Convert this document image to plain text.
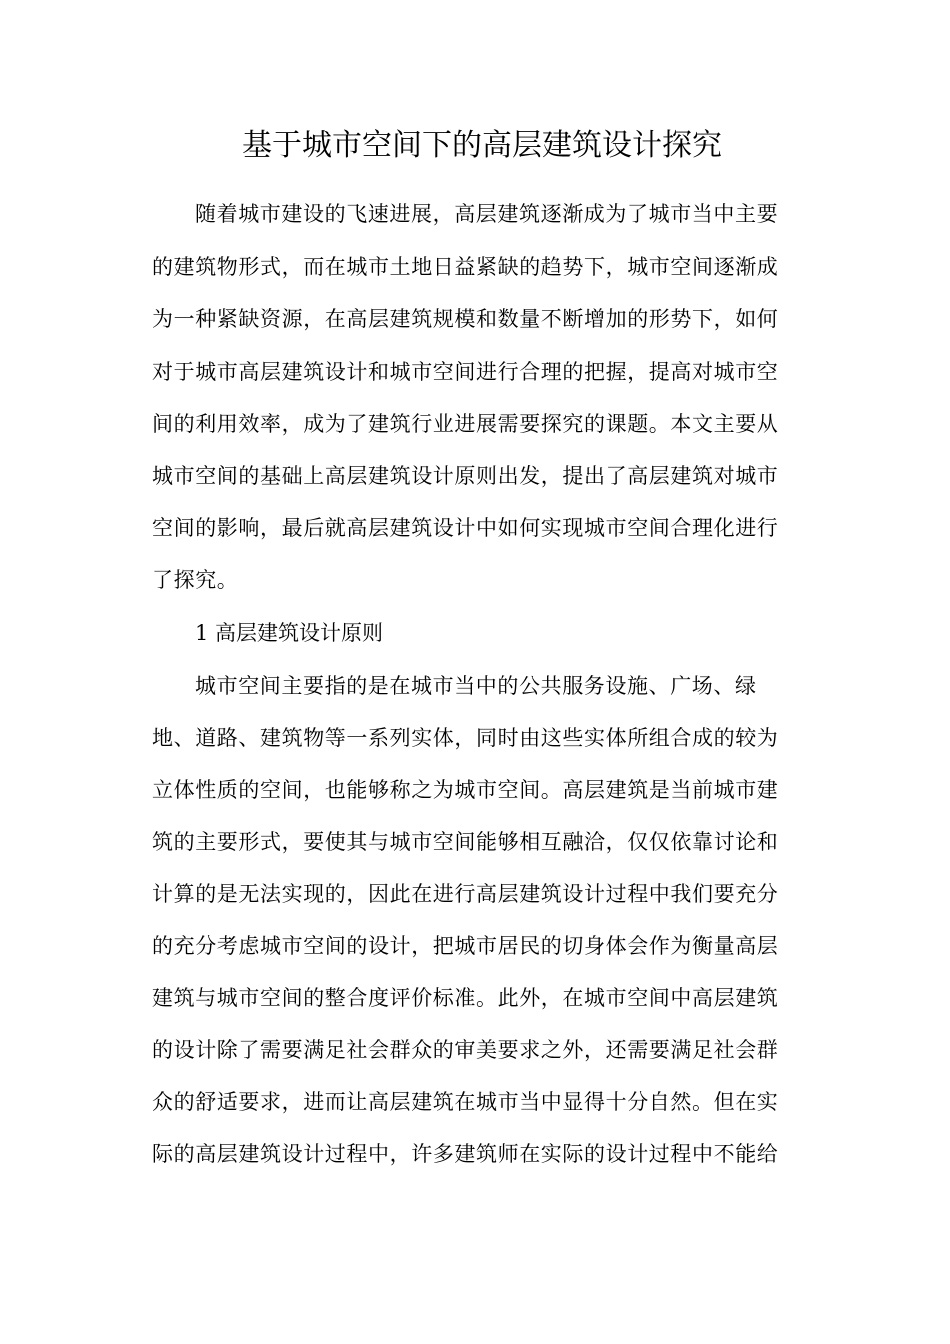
基于城市空间下的高层建筑设计探究
随着城市建设的飞速进展，高层建筑逐渐成为了城市当中主要
的建筑物形式，而在城市土地日益紧缺的趋势下，城市空间逐渐成
为一种紧缺资源，在高层建筑规模和数量不断增加的形势下，如何
对于城市高层建筑设计和城市空间进行合理的把握，提高对城市空
间的利用效率，成为了建筑行业进展需要探究的课题。本文主要从
城市空间的基础上高层建筑设计原则出发，提出了高层建筑对城市
空间的影响，最后就高层建筑设计中如何实现城市空间合理化进行
了探究。
1 高层建筑设计原则
城市空间主要指的是在城市当中的公共服务设施、广场、绿
地、道路、建筑物等一系列实体，同时由这些实体所组合成的较为
立体性质的空间，也能够称之为城市空间。高层建筑是当前城市建
筑的主要形式，要使其与城市空间能够相互融洽，仅仅依靠讨论和
计算的是无法实现的，因此在进行高层建筑设计过程中我们要充分
的充分考虑城市空间的设计，把城市居民的切身体会作为衡量高层
建筑与城市空间的整合度评价标准。此外，在城市空间中高层建筑
的设计除了需要满足社会群众的审美要求之外，还需要满足社会群
众的舒适要求，进而让高层建筑在城市当中显得十分自然。但在实
际的高层建筑设计过程中，许多建筑师在实际的设计过程中不能给
